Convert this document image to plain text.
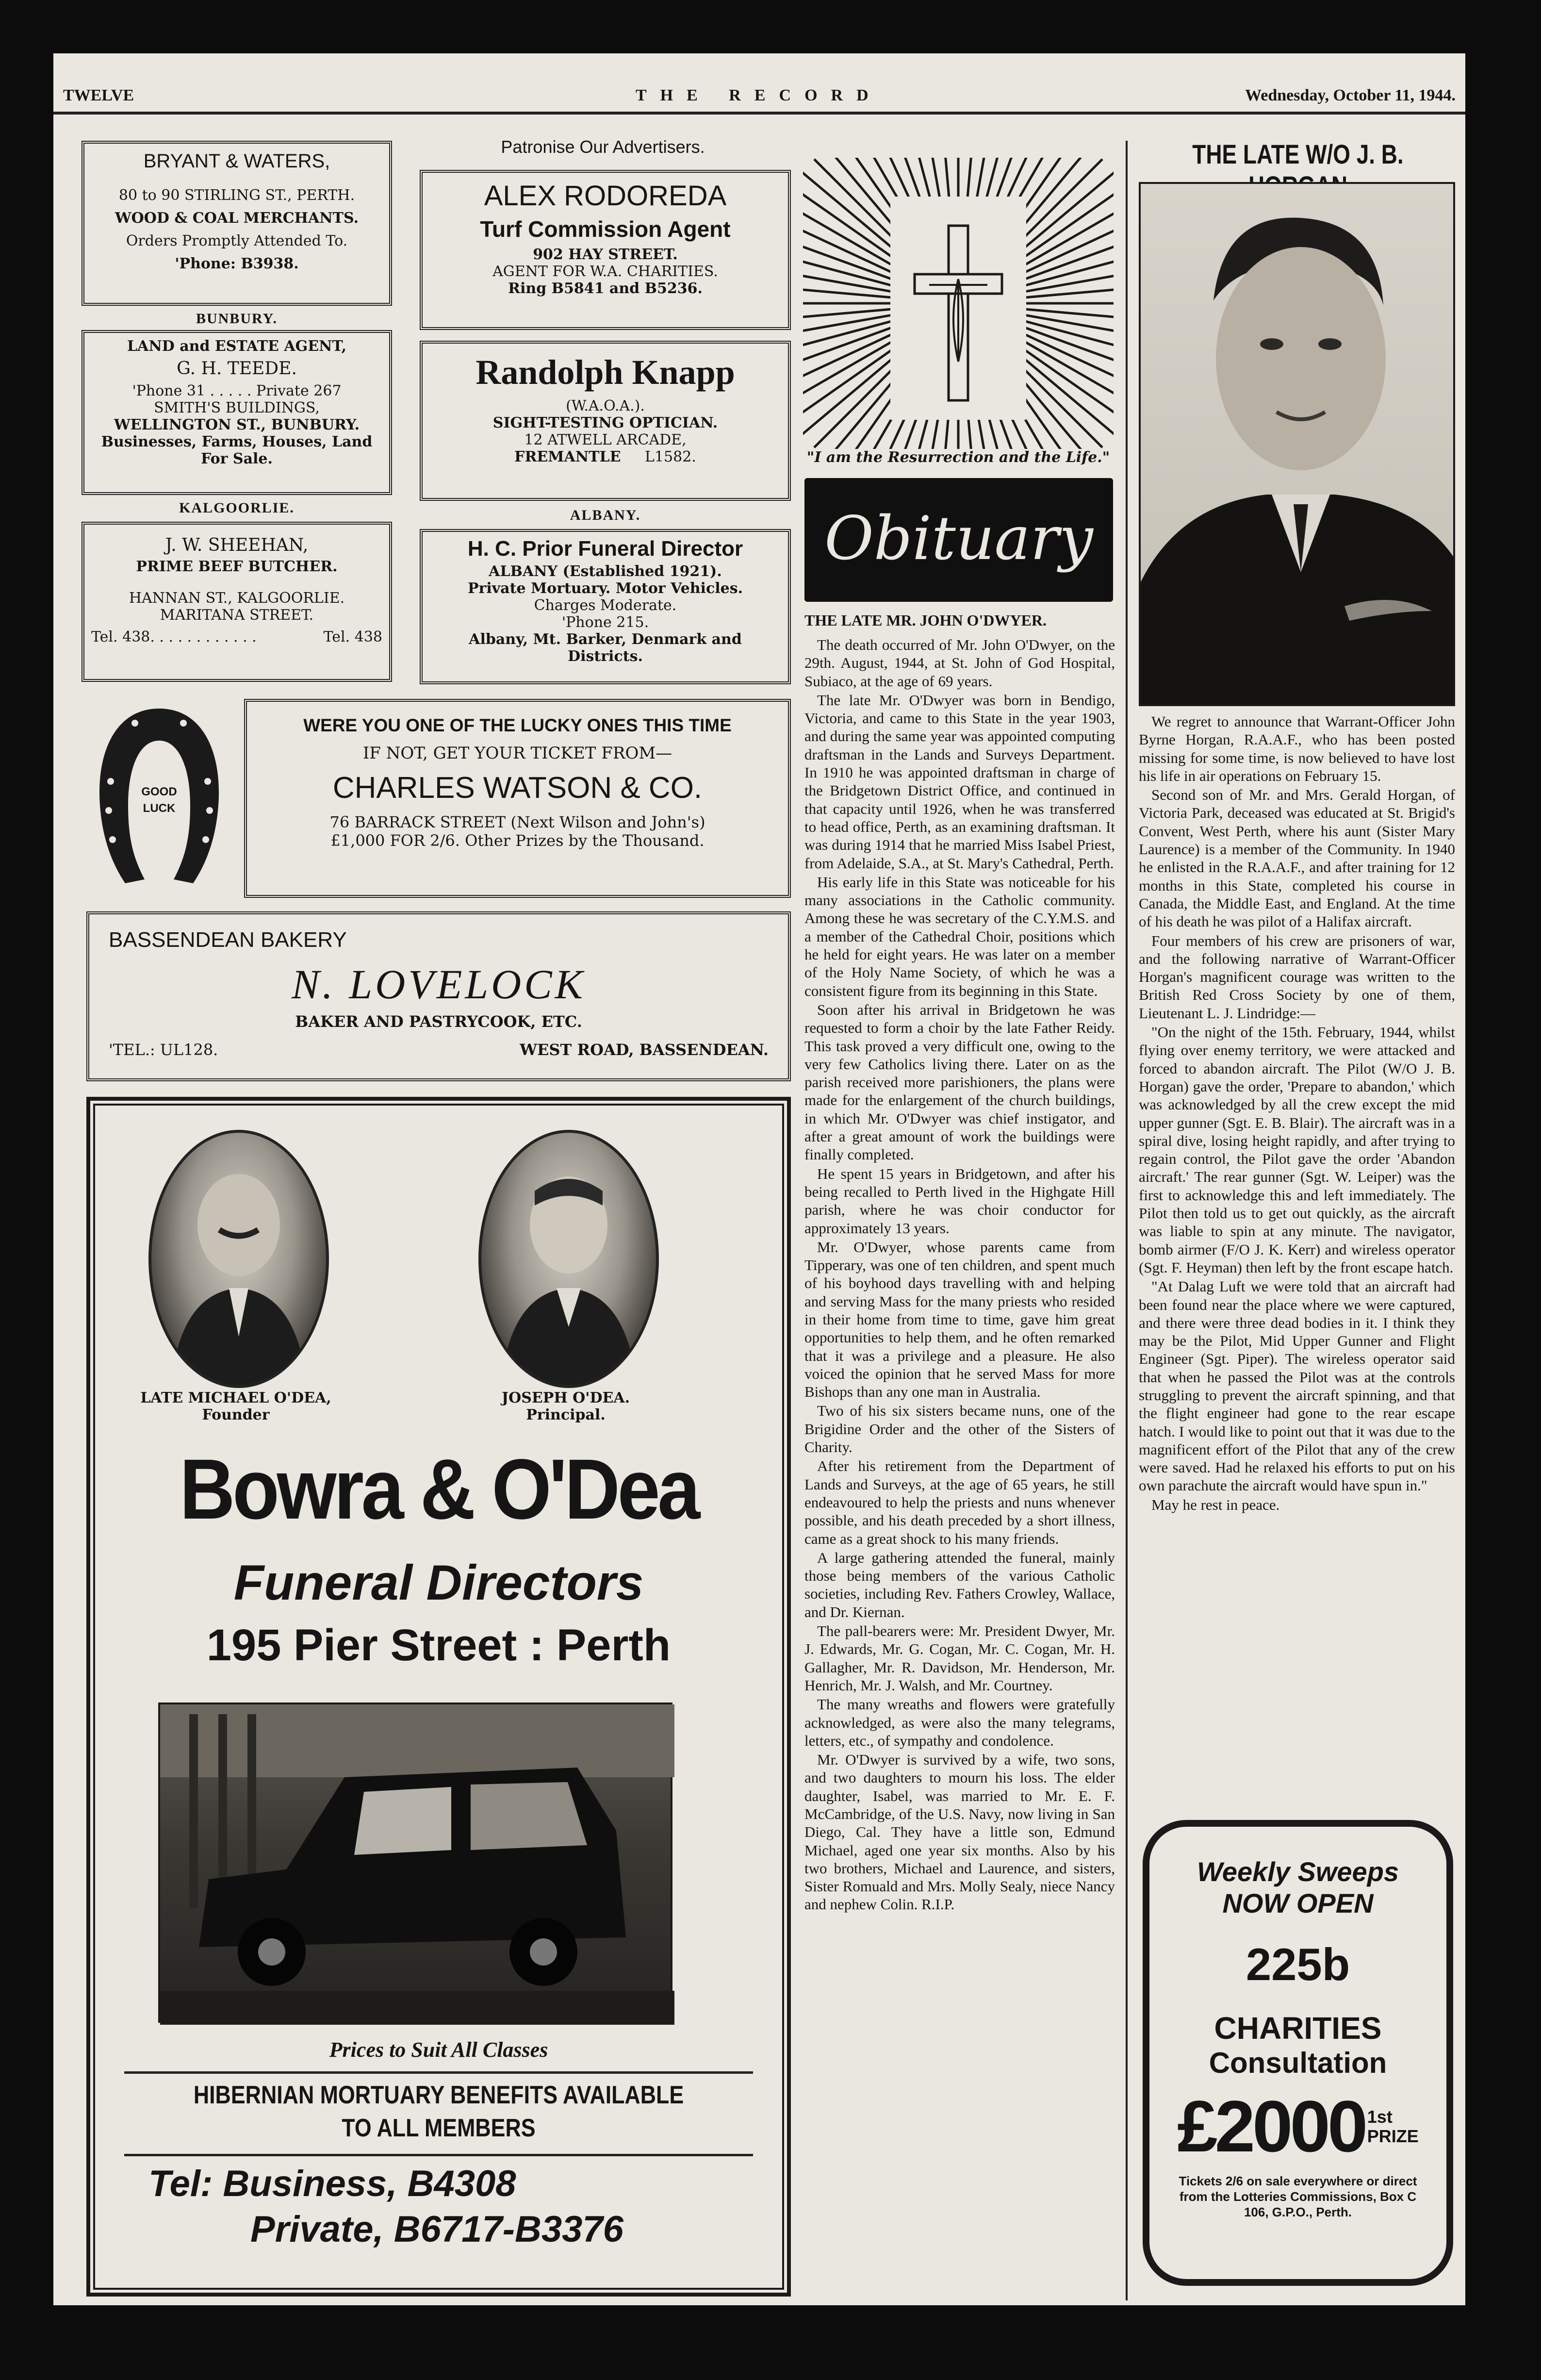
TWELVE	THE RECORD	Wednesday, October 11, 1944.
BRYANT & WATERS,
80 to 90 STIRLING ST., PERTH.
WOOD & COAL MERCHANTS.
Orders Promptly Attended To.
'Phone: B3938.
BUNBURY.
LAND and ESTATE AGENT,
G. H. TEEDE.
'Phone 31 . . . . . Private 267
SMITH'S BUILDINGS,
WELLINGTON ST., BUNBURY.
Businesses, Farms, Houses, Land
For Sale.
KALGOORLIE.
J. W. SHEEHAN,
PRIME BEEF BUTCHER.
HANNAN ST., KALGOORLIE.
MARITANA STREET.
Tel. 438. . . . . . . . . . . .	Tel. 438
Patronise Our Advertisers.
ALEX RODOREDA
Turf Commission Agent
902 HAY STREET.
AGENT FOR W.A. CHARITIES.
Ring B5841 and B5236.
Randolph Knapp
(W.A.O.A.).
SIGHT-TESTING OPTICIAN.
12 ATWELL ARCADE,
FREMANTLE L1582.
ALBANY.
H. C. Prior Funeral Director
ALBANY (Established 1921).
Private Mortuary. Motor Vehicles.
Charges Moderate.
'Phone 215.
Albany, Mt. Barker, Denmark and
Districts.
GOOD
LUCK
WERE YOU ONE OF THE LUCKY ONES THIS TIME
IF NOT, GET YOUR TICKET FROM—
CHARLES WATSON & CO.
76 BARRACK STREET (Next Wilson and John's)
£1,000 FOR 2/6. Other Prizes by the Thousand.
BASSENDEAN BAKERY
N. LOVELOCK
BAKER AND PASTRYCOOK, ETC.
'TEL.: UL128.	WEST ROAD, BASSENDEAN.
LATE MICHAEL O'DEA,
Founder
JOSEPH O'DEA.
Principal.
Bowra & O'Dea
Funeral Directors
195 Pier Street : Perth
Prices to Suit All Classes
HIBERNIAN MORTUARY BENEFITS AVAILABLE
TO ALL MEMBERS
Tel: Business, B4308
Private, B6717-B3376
"I am the Resurrection and the Life."
Obituary
THE LATE MR. JOHN O'DWYER.

The death occurred of Mr. John O'Dwyer, on the 29th. August, 1944, at St. John of God Hospital, Subiaco, at the age of 69 years.

The late Mr. O'Dwyer was born in Bendigo, Victoria, and came to this State in the year 1903, and during the same year was appointed computing draftsman in the Lands and Surveys Department. In 1910 he was appointed draftsman in charge of the Bridgetown District Office, and continued in that capacity until 1926, when he was transferred to head office, Perth, as an examining draftsman. It was during 1914 that he married Miss Isabel Priest, from Adelaide, S.A., at St. Mary's Cathedral, Perth.

His early life in this State was noticeable for his many associations in the Catholic community. Among these he was secretary of the C.Y.M.S. and a member of the Cathedral Choir, positions which he held for eight years. He was later on a member of the Holy Name Society, of which he was a consistent figure from its beginning in this State.

Soon after his arrival in Bridgetown he was requested to form a choir by the late Father Reidy. This task proved a very difficult one, owing to the very few Catholics living there. Later on as the parish received more parishioners, the plans were made for the enlargement of the church buildings, in which Mr. O'Dwyer was chief instigator, and after a great amount of work the buildings were finally completed.

He spent 15 years in Bridgetown, and after his being recalled to Perth lived in the Highgate Hill parish, where he was choir conductor for approximately 13 years.

Mr. O'Dwyer, whose parents came from Tipperary, was one of ten children, and spent much of his boyhood days travelling with and helping and serving Mass for the many priests who resided in their home from time to time, gave him great opportunities to help them, and he often remarked that it was a privilege and a pleasure. He also voiced the opinion that he served Mass for more Bishops than any one man in Australia.

Two of his six sisters became nuns, one of the Brigidine Order and the other of the Sisters of Charity.

After his retirement from the Department of Lands and Surveys, at the age of 65 years, he still endeavoured to help the priests and nuns whenever possible, and his death preceded by a short illness, came as a great shock to his many friends.

A large gathering attended the funeral, mainly those being members of the various Catholic societies, including Rev. Fathers Crowley, Wallace, and Dr. Kiernan.

The pall-bearers were: Mr. President Dwyer, Mr. J. Edwards, Mr. G. Cogan, Mr. C. Cogan, Mr. H. Gallagher, Mr. R. Davidson, Mr. Henderson, Mr. Henrich, Mr. J. Walsh, and Mr. Courtney.

The many wreaths and flowers were gratefully acknowledged, as were also the many telegrams, letters, etc., of sympathy and condolence.

Mr. O'Dwyer is survived by a wife, two sons, and two daughters to mourn his loss. The elder daughter, Isabel, was married to Mr. E. F. McCambridge, of the U.S. Navy, now living in San Diego, Cal. They have a little son, Edmund Michael, aged one year six months. Also by his two brothers, Michael and Laurence, and sisters, Sister Romuald and Mrs. Molly Sealy, niece Nancy and nephew Colin. R.I.P.

THE LATE W/O J. B.

We regret to announce that Warrant-Officer John Byrne Horgan, R.A.A.F., who has been posted missing for some time, is now believed to have lost his life in air operations on February 15.

Second son of Mr. and Mrs. Gerald Horgan, of Victoria Park, deceased was educated at St. Brigid's Convent, West Perth, where his aunt (Sister Mary Laurence) is a member of the Community. In 1940 he enlisted in the R.A.A.F., and after training for 12 months in this State, completed his course in Canada, the Middle East, and England. At the time of his death he was pilot of a Halifax aircraft.

Four members of his crew are prisoners of war, and the following narrative of Warrant-Officer Horgan's magnificent courage was written to the British Red Cross Society by one of them, Lieutenant L. J. Lindridge:—

"On the night of the 15th. February, 1944, whilst flying over enemy territory, we were attacked and forced to abandon aircraft. The Pilot (W/O J. B. Horgan) gave the order, 'Prepare to abandon,' which was acknowledged by all the crew except the mid upper gunner (Sgt. E. B. Blair). The aircraft was in a spiral dive, losing height rapidly, and after trying to regain control, the Pilot gave the order 'Abandon aircraft.' The rear gunner (Sgt. W. Leiper) was the first to acknowledge this and left immediately. The Pilot then told us to get out quickly, as the aircraft was liable to spin at any minute. The navigator, bomb airmer (F/O J. K. Kerr) and wireless operator (Sgt. F. Heyman) then left by the front escape hatch.

"At Dalag Luft we were told that an aircraft had been found near the place where we were captured, and there were three dead bodies in it. I think they may be the Pilot, Mid Upper Gunner and Flight Engineer (Sgt. Piper). The wireless operator said that when he passed the Pilot was at the controls struggling to prevent the aircraft spinning, and that the flight engineer had gone to the rear escape hatch. I would like to point out that it was due to the magnificent effort of the Pilot that any of the crew were saved. Had he relaxed his efforts to put on his own parachute the aircraft would have spun in."

May he rest in peace.

Weekly Sweeps
NOW OPEN
225b
CHARITIES
Consultation
£2000 1st
PRIZE
Tickets 2/6 on sale everywhere or direct from the Lotteries Commissions, Box C 106, G.P.O., Perth.
